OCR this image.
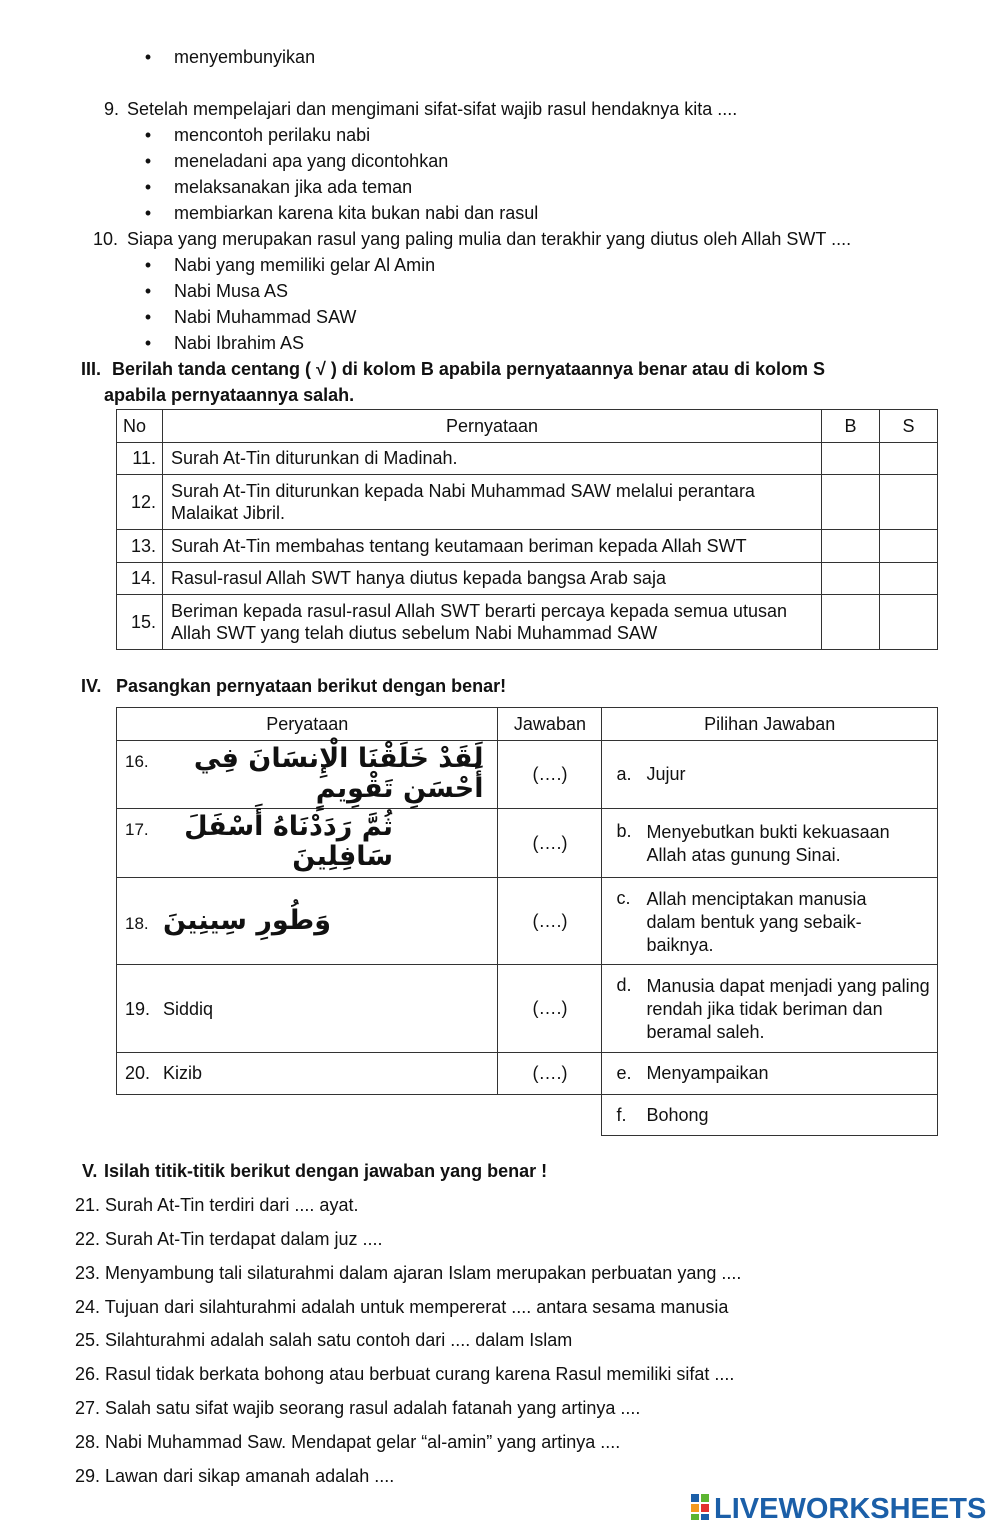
• menyembunyikan
9. Setelah mempelajari dan mengimani sifat-sifat wajib rasul hendaknya kita ....
• mencontoh perilaku nabi
• meneladani apa yang dicontohkan
• melaksanakan jika ada teman
• membiarkan karena kita bukan nabi dan rasul
10. Siapa yang merupakan rasul yang paling mulia dan terakhir yang diutus oleh Allah SWT ....
• Nabi yang memiliki gelar Al Amin
• Nabi Musa AS
• Nabi Muhammad SAW
• Nabi Ibrahim AS
III. Berilah tanda centang ( √ ) di kolom B apabila pernyataannya benar atau di kolom S
apabila pernyataannya salah.
No	Pernyataan	B	S
11.	Surah At-Tin diturunkan di Madinah.		
12.	Surah At-Tin diturunkan kepada Nabi Muhammad SAW melalui perantara Malaikat Jibril.		
13.	Surah At-Tin membahas tentang keutamaan beriman kepada Allah SWT		
14.	Rasul-rasul Allah SWT hanya diutus kepada bangsa Arab saja		
15.	Beriman kepada rasul-rasul Allah SWT berarti percaya kepada semua utusan Allah SWT yang telah diutus sebelum Nabi Muhammad SAW		
IV. Pasangkan pernyataan berikut dengan benar!
Peryataan	Jawaban	Pilihan Jawaban

16. لَقَدْ خَلَقْنَا الْإِنسَانَ فِي أَحْسَنِ تَقْوِيمٍ	(….)	a. Jujur

17. ثُمَّ رَدَدْنَاهُ أَسْفَلَ سَافِلِينَ	(….)	b. Menyebutkan bukti kekuasaan Allah atas gunung Sinai.

18. وَطُورِ سِينِينَ	(….)	c. Allah menciptakan manusia dalam bentuk yang sebaik-baiknya.

19. Siddiq	(….)	d. Manusia dapat menjadi yang paling rendah jika tidak beriman dan beramal saleh.

20. Kizib	(….)	e. Menyampaikan

		f. Bohong
V. Isilah titik-titik berikut dengan jawaban yang benar !
21. Surah At-Tin terdiri dari .... ayat.
22. Surah At-Tin terdapat dalam juz ....
23. Menyambung tali silaturahmi dalam ajaran Islam merupakan perbuatan yang ....
24. Tujuan dari silahturahmi adalah untuk mempererat .... antara sesama manusia
25. Silahturahmi adalah salah satu contoh dari .... dalam Islam
26. Rasul tidak berkata bohong atau berbuat curang karena Rasul memiliki sifat ....
27. Salah satu sifat wajib seorang rasul adalah fatanah yang artinya ....
28. Nabi Muhammad Saw. Mendapat gelar “al-amin” yang artinya ....
29. Lawan dari sikap amanah adalah ....
LIVEWORKSHEETS
